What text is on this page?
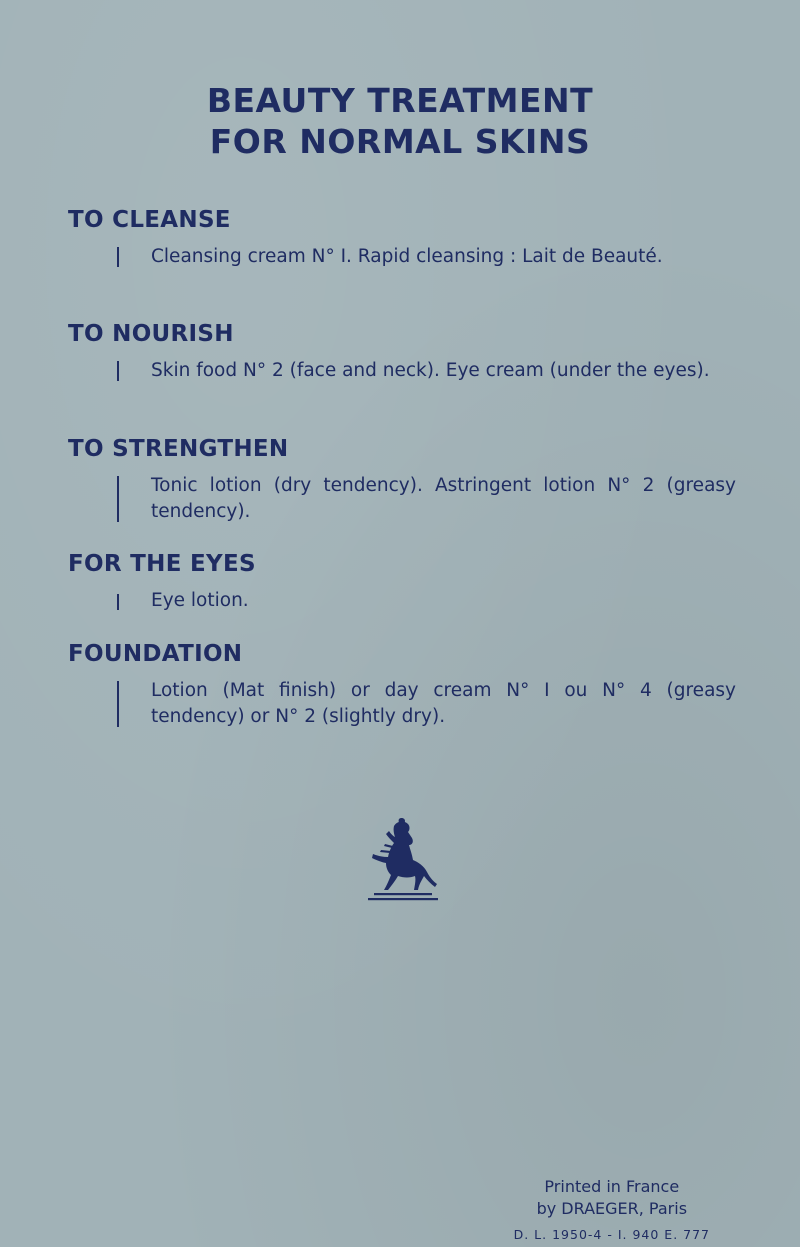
BEAUTY TREATMENT
FOR NORMAL SKINS
TO CLEANSE
Cleansing cream N° I. Rapid cleansing : Lait de Beauté.
TO NOURISH
Skin food N° 2 (face and neck). Eye cream (under the eyes).
TO STRENGTHEN
Tonic lotion (dry tendency). Astringent lotion N° 2 (greasy tendency).
FOR THE EYES
Eye lotion.
FOUNDATION
Lotion (Mat finish) or day cream N° I ou N° 4 (greasy tendency) or N° 2 (slightly dry).
Printed in France
by DRAEGER, Paris
D. L. 1950-4 - I. 940 E. 777
